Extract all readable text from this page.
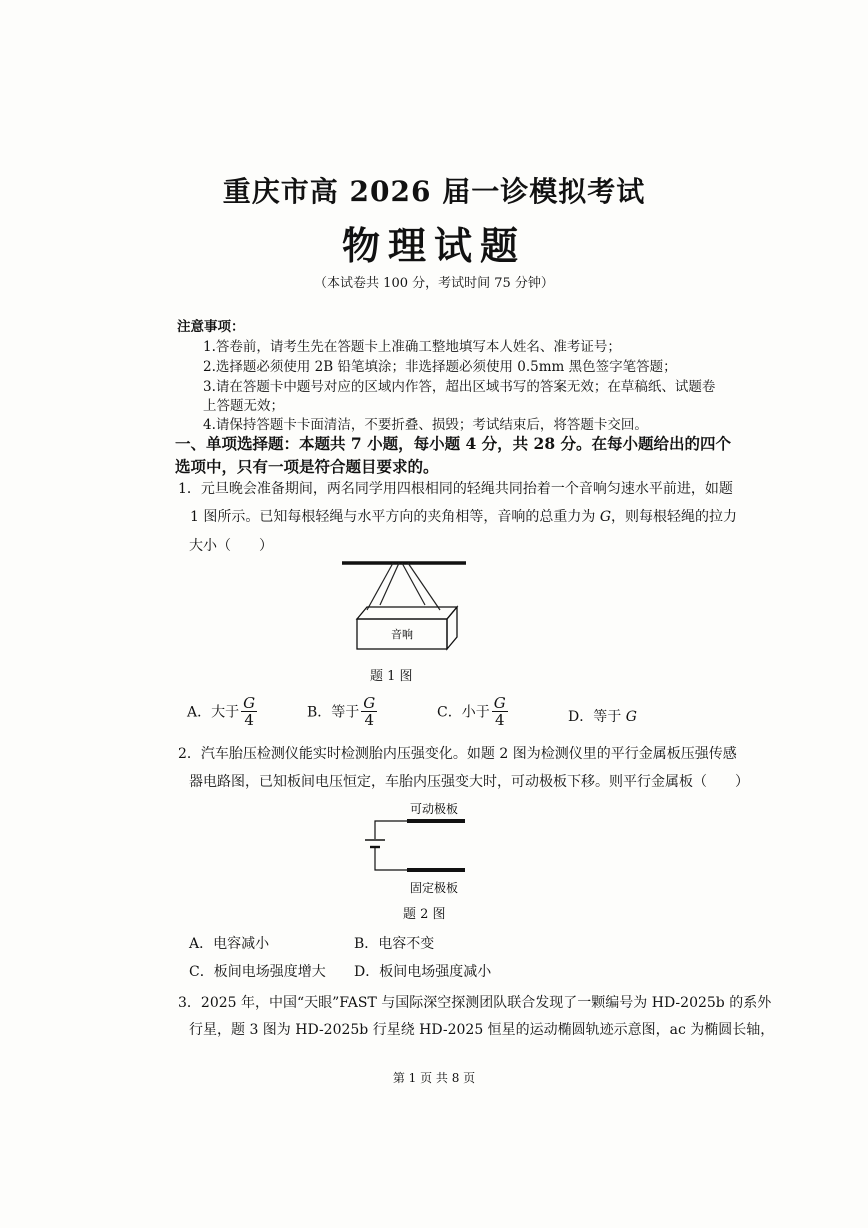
重庆市高 2026 届一诊模拟考试
物理试题
（本试卷共 100 分，考试时间 75 分钟）
注意事项：
1.答卷前，请考生先在答题卡上准确工整地填写本人姓名、准考证号；
2.选择题必须使用 2B 铅笔填涂；非选择题必须使用 0.5mm 黑色签字笔答题；
3.请在答题卡中题号对应的区域内作答，超出区域书写的答案无效；在草稿纸、试题卷
上答题无效；
4.请保持答题卡卡面清洁，不要折叠、损毁；考试结束后，将答题卡交回。
一、单项选择题：本题共 7 小题，每小题 4 分，共 28 分。在每小题给出的四个
选项中，只有一项是符合题目要求的。
1．元旦晚会准备期间，两名同学用四根相同的轻绳共同抬着一个音响匀速水平前进，如题
1 图所示。已知每根轻绳与水平方向的夹角相等，音响的总重力为 G，则每根轻绳的拉力
大小（　　）
音响
题 1 图
A．大于 $\frac{G}{4}$	B．等于 $\frac{G}{4}$	C．小于 $\frac{G}{4}$	D．等于 G
2．汽车胎压检测仪能实时检测胎内压强变化。如题 2 图为检测仪里的平行金属板压强传感
器电路图，已知板间电压恒定，车胎内压强变大时，可动极板下移。则平行金属板（　　）
可动极板
固定极板
题 2 图
A．电容减小	B．电容不变
C．板间电场强度增大 D．板间电场强度减小
3．2025 年，中国“天眼”FAST 与国际深空探测团队联合发现了一颗编号为 HD-2025b 的系外
行星，题 3 图为 HD-2025b 行星绕 HD-2025 恒星的运动椭圆轨迹示意图，ac 为椭圆长轴，
第 1 页 共 8 页
